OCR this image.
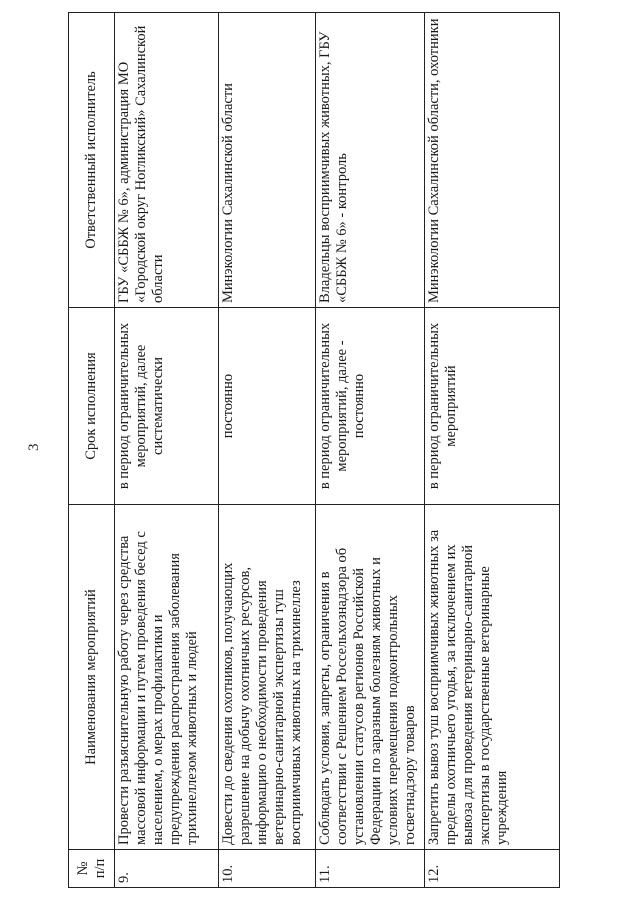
3
№ п/п	Наименования мероприятий	Срок исполнения	Ответственный исполнитель
9.	Провести разъяснительную работу через средства массовой информации и путем проведения бесед с населением, о мерах профилактики и предупреждения распространения заболевания трихинеллезом животных и людей	в период ограничительных мероприятий, далее систематически	ГБУ «СББЖ № 6», администрация МО «Городской округ Ногликский» Сахалинской области
10.	Довести до сведения охотников, получающих разрешение на добычу охотничьих ресурсов, информацию о необходимости проведения ветеринарно-санитарной экспертизы туш восприимчивых животных на трихинеллез	постоянно	Минэкологии Сахалинской области
11.	Соблюдать условия, запреты, ограничения в соответствии с Решением Россельхознадзора об установлении статусов регионов Российской Федерации по заразным болезням животных и условиях перемещения подконтрольных госветнадзору товаров	в период ограничительных мероприятий, далее - постоянно	Владельцы восприимчивых животных, ГБУ «СББЖ № 6» - контроль
12.	Запретить вывоз туш восприимчивых животных за пределы охотничьего угодья, за исключением их вывоза для проведения ветеринарно-санитарной экспертизы в государственные ветеринарные учреждения	в период ограничительных мероприятий	Минэкологии Сахалинской области, охотники
